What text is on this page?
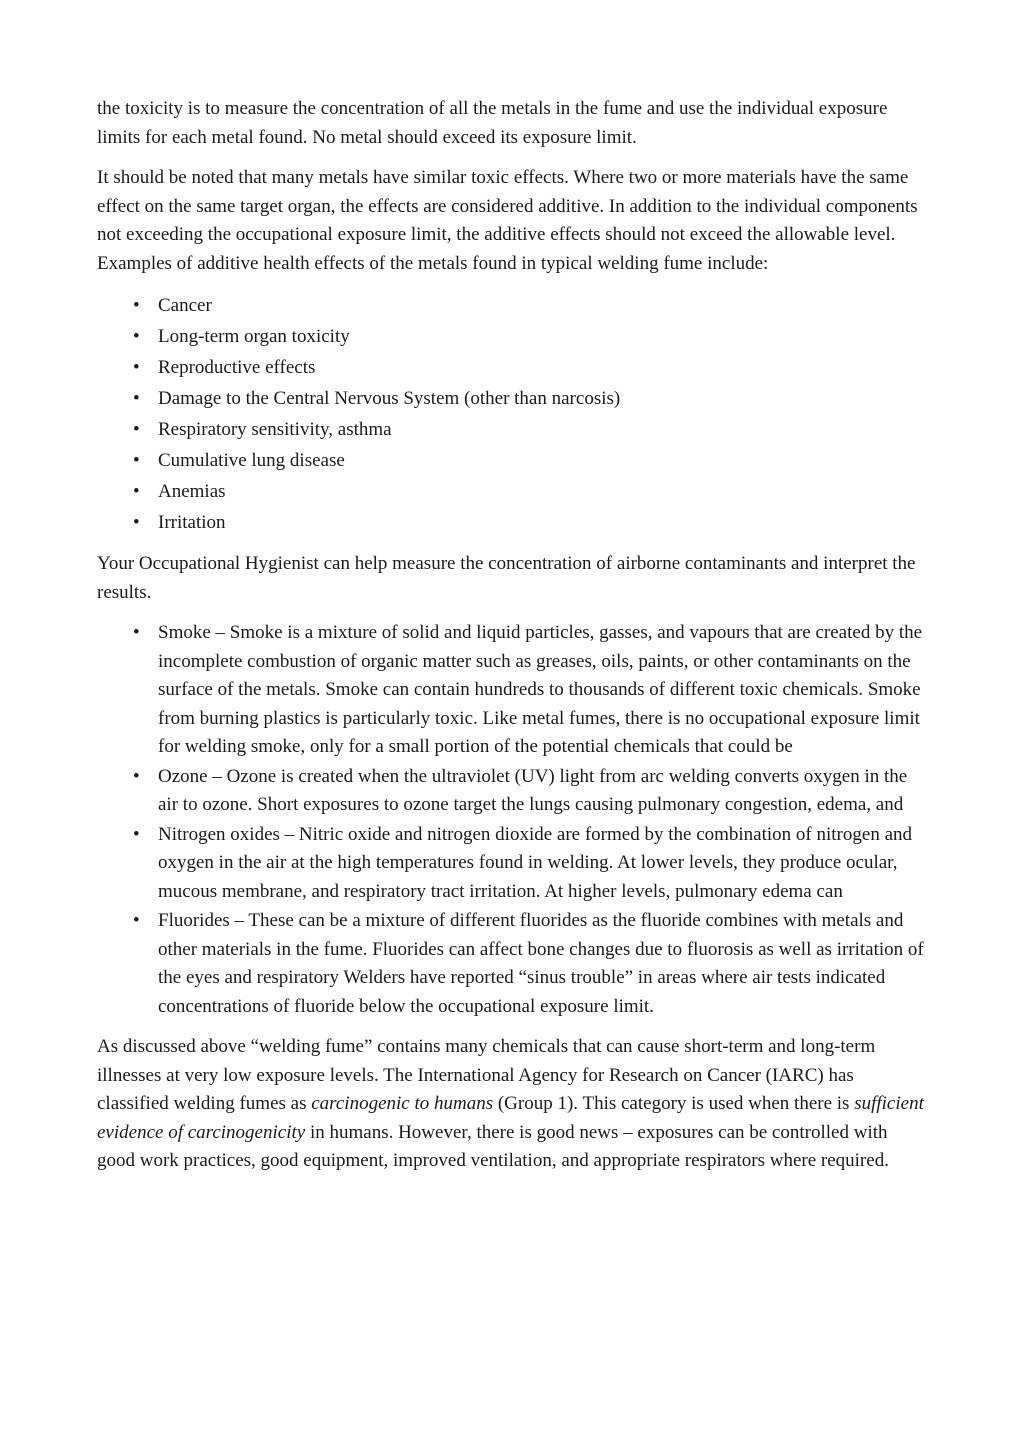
the toxicity is to measure the concentration of all the metals in the fume and use the individual exposure limits for each metal found. No metal should exceed its exposure limit.

It should be noted that many metals have similar toxic effects. Where two or more materials have the same effect on the same target organ, the effects are considered additive. In addition to the individual components not exceeding the occupational exposure limit, the additive effects should not exceed the allowable level. Examples of additive health effects of the metals found in typical welding fume include:

• Cancer
• Long-term organ toxicity
• Reproductive effects
• Damage to the Central Nervous System (other than narcosis)
• Respiratory sensitivity, asthma
• Cumulative lung disease
• Anemias
• Irritation

Your Occupational Hygienist can help measure the concentration of airborne contaminants and interpret the results.

• Smoke – Smoke is a mixture of solid and liquid particles, gasses, and vapours that are created by the incomplete combustion of organic matter such as greases, oils, paints, or other contaminants on the surface of the metals. Smoke can contain hundreds to thousands of different toxic chemicals. Smoke from burning plastics is particularly toxic. Like metal fumes, there is no occupational exposure limit for welding smoke, only for a small portion of the potential chemicals that could be
• Ozone – Ozone is created when the ultraviolet (UV) light from arc welding converts oxygen in the air to ozone. Short exposures to ozone target the lungs causing pulmonary congestion, edema, and
• Nitrogen oxides – Nitric oxide and nitrogen dioxide are formed by the combination of nitrogen and oxygen in the air at the high temperatures found in welding. At lower levels, they produce ocular, mucous membrane, and respiratory tract irritation. At higher levels, pulmonary edema can
• Fluorides – These can be a mixture of different fluorides as the fluoride combines with metals and other materials in the fume. Fluorides can affect bone changes due to fluorosis as well as irritation of the eyes and respiratory Welders have reported “sinus trouble” in areas where air tests indicated concentrations of fluoride below the occupational exposure limit.

As discussed above “welding fume” contains many chemicals that can cause short-term and long-term illnesses at very low exposure levels. The International Agency for Research on Cancer (IARC) has classified welding fumes as carcinogenic to humans (Group 1). This category is used when there is sufficient evidence of carcinogenicity in humans. However, there is good news – exposures can be controlled with good work practices, good equipment, improved ventilation, and appropriate respirators where required.
